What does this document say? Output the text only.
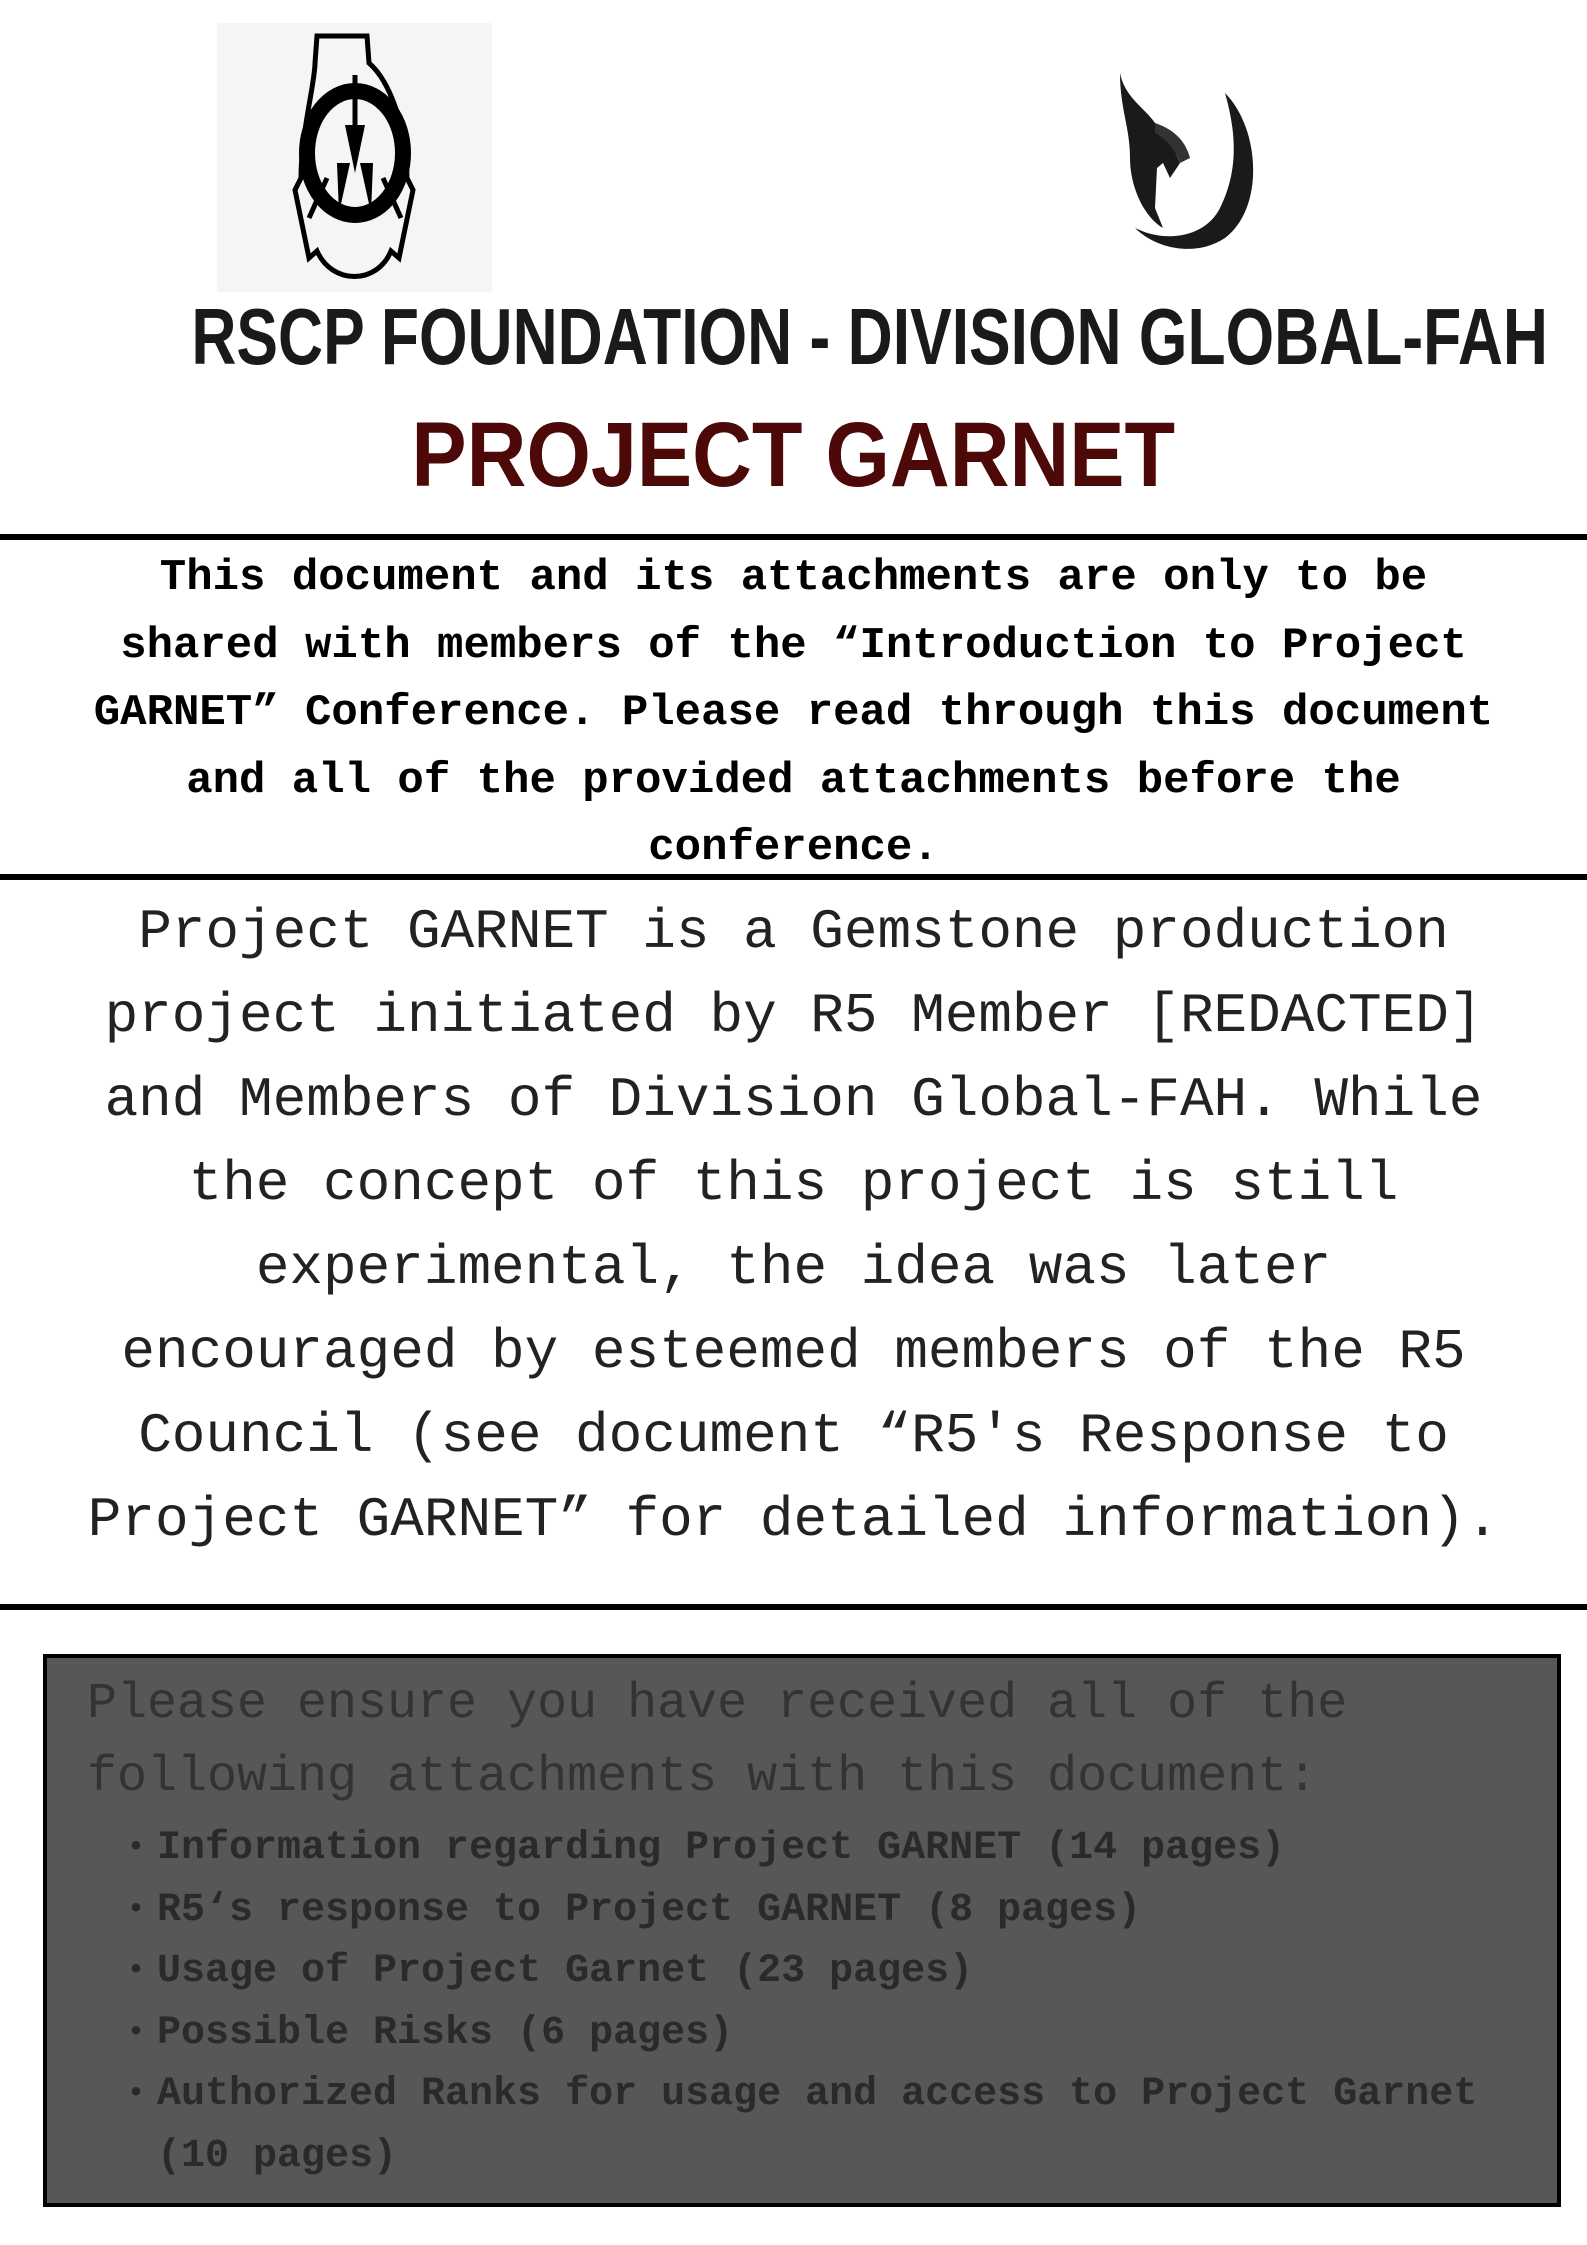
RSCP FOUNDATION - DIVISION GLOBAL-FAH
PROJECT GARNET

This document and its attachments are only to be

shared with members of the “Introduction to Project

GARNET” Conference. Please read through this document

and all of the provided attachments before the

conference.

Project GARNET is a Gemstone production

project initiated by R5 Member [REDACTED]

and Members of Division Global-FAH. While

the concept of this project is still

experimental, the idea was later

encouraged by esteemed members of the R5

Council (see document “R5's Response to

Project GARNET” for detailed information).

Please ensure you have received all of the

following attachments with this document:

• Information regarding Project GARNET (14 pages)
• R5‘s response to Project GARNET (8 pages)
• Usage of Project Garnet (23 pages)
• Possible Risks (6 pages)
• Authorized Ranks for usage and access to Project Garnet (10 pages)
